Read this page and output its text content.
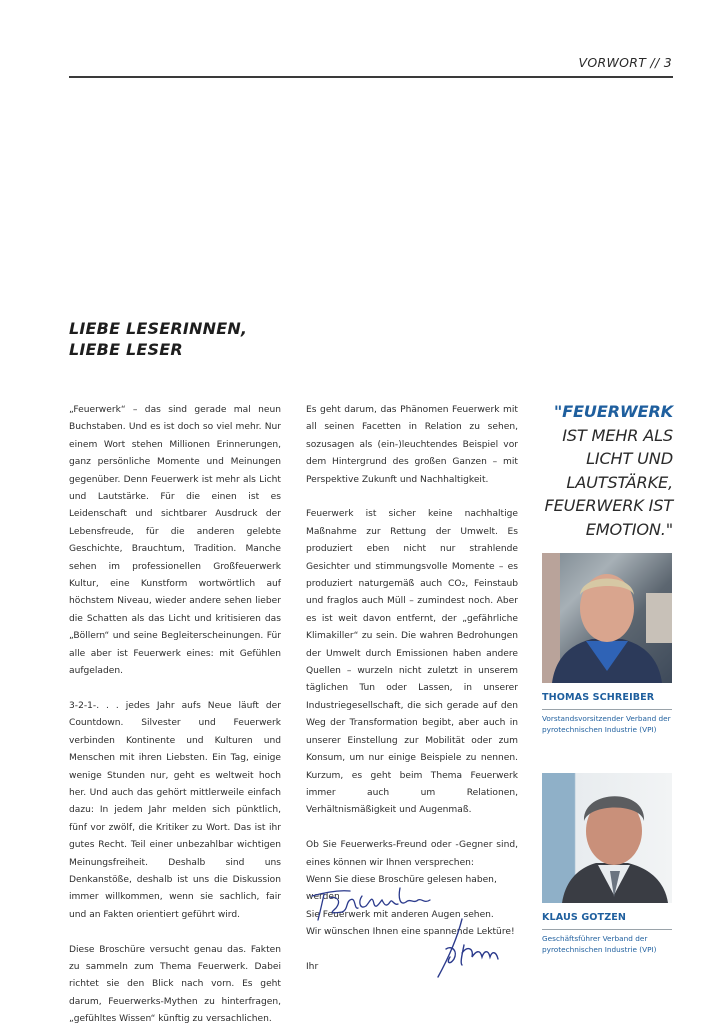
VORWORT // 3
LIEBE LESERINNEN,
LIEBE LESER

„Feuerwerk“ – das sind gerade mal neun Buchstaben. Und es ist doch so viel mehr. Nur einem Wort stehen Millionen Erinnerungen, ganz persönliche Momente und Meinungen gegenüber. Denn Feuerwerk ist mehr als Licht und Lautstärke. Für die einen ist es Leidenschaft und sichtbarer Ausdruck der Lebensfreude, für die anderen gelebte Geschichte, Brauchtum, Tradition. Manche sehen im professionellen Großfeuerwerk Kultur, eine Kunstform wortwörtlich auf höchstem Niveau, wieder andere sehen lieber die Schatten als das Licht und kritisieren das „Böllern“ und seine Begleiterscheinungen. Für alle aber ist Feuerwerk eines: mit Gefühlen aufgeladen.

3-2-1-. . . jedes Jahr aufs Neue läuft der Countdown. Silvester und Feuerwerk verbinden Kontinente und Kulturen und Menschen mit ihren Liebsten. Ein Tag, einige wenige Stunden nur, geht es weltweit hoch her. Und auch das gehört mittlerweile einfach dazu: In jedem Jahr melden sich pünktlich, fünf vor zwölf, die Kritiker zu Wort. Das ist ihr gutes Recht. Teil einer unbezahlbar wichtigen Meinungsfreiheit. Deshalb sind uns Denkanstöße, deshalb ist uns die Diskussion immer willkommen, wenn sie sachlich, fair und an Fakten orientiert geführt wird.

Diese Broschüre versucht genau das. Fakten zu sammeln zum Thema Feuerwerk. Dabei richtet sie den Blick nach vorn. Es geht darum, Feuerwerks-Mythen zu hinterfragen, „gefühltes Wissen“ künftig zu versachlichen.

Es geht darum, das Phänomen Feuerwerk mit all seinen Facetten in Relation zu sehen, sozusagen als (ein-)leuchtendes Beispiel vor dem Hintergrund des großen Ganzen – mit Perspektive Zukunft und Nachhaltigkeit.

Feuerwerk ist sicher keine nachhaltige Maßnahme zur Rettung der Umwelt. Es produziert eben nicht nur strahlende Gesichter und stimmungsvolle Momente – es produziert naturgemäß auch CO₂, Feinstaub und fraglos auch Müll – zumindest noch. Aber es ist weit davon entfernt, der „gefährliche Klimakiller“ zu sein. Die wahren Bedrohungen der Umwelt durch Emissionen haben andere Quellen – wurzeln nicht zuletzt in unserem täglichen Tun oder Lassen, in unserer Industriegesellschaft, die sich gerade auf den Weg der Transformation begibt, aber auch in unserer Einstellung zur Mobilität oder zum Konsum, um nur einige Beispiele zu nennen. Kurzum, es geht beim Thema Feuerwerk immer auch um Relationen, Verhältnismäßigkeit und Augenmaß.

Ob Sie Feuerwerks-Freund oder -Gegner sind,
eines können wir Ihnen versprechen:
Wenn Sie diese Broschüre gelesen haben, werden
Sie Feuerwerk mit anderen Augen sehen.
Wir wünschen Ihnen eine spannende Lektüre!

Ihr

"FEUERWERK
IST MEHR ALS
LICHT UND
LAUTSTÄRKE,
FEUERWERK IST
EMOTION."
THOMAS SCHREIBER
Vorstandsvorsitzender Verband der
pyrotechnischen Industrie (VPI)
KLAUS GOTZEN
Geschäftsführer Verband der
pyrotechnischen Industrie (VPI)
